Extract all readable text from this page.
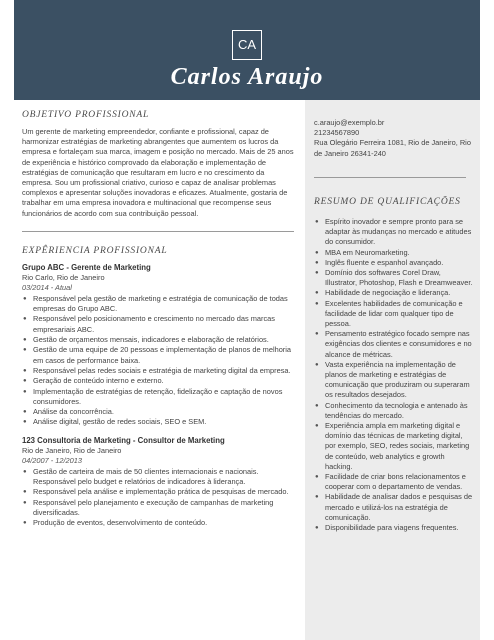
CA
Carlos Araujo
OBJETIVO PROFISSIONAL

Um gerente de marketing empreendedor, confiante e profissional, capaz de harmonizar estratégias de marketing abrangentes que aumentem os lucros da empresa e fortaleçam sua marca, imagem e posição no mercado. Mais de 25 anos de experiência e histórico comprovado da elaboração e implementação de estratégias de comunicação que resultaram em lucro e no crescimento da empresa. Sou um profissional criativo, curioso e capaz de analisar problemas complexos e apresentar soluções inovadoras e eficazes. Atualmente, gostaria de trabalhar em uma empresa inovadora e multinacional que recompense seus funcionários de acordo com sua contribuição pessoal.

EXPÊRIENCIA PROFISSIONAL
Grupo ABC - Gerente de Marketing
Rio Carlo, Rio de Janeiro
03/2014 - Atual
● Responsável pela gestão de marketing e estratégia de comunicação de todas empresas do Grupo ABC.
● Responsável pelo posicionamento e crescimento no mercado das marcas empresariais ABC.
● Gestão de orçamentos mensais, indicadores e elaboração de relatórios.
● Gestão de uma equipe de 20 pessoas e implementação de planos de melhoria em casos de performance baixa.
● Responsável pelas redes sociais e estratégia de marketing digital da empresa.
● Geração de conteúdo interno e externo.
● Implementação de estratégias de retenção, fidelização e captação de novos consumidores.
● Análise da concorrência.
● Análise digital, gestão de redes sociais, SEO e SEM.
123 Consultoria de Marketing - Consultor de Marketing
Rio de Janeiro, Rio de Janeiro
04/2007 - 12/2013
● Gestão de carteira de mais de 50 clientes internacionais e nacionais. Responsável pelo budget e relatórios de indicadores à liderança.
● Responsável pela análise e implementação prática de pesquisas de mercado.
● Responsável pelo planejamento e execução de campanhas de marketing diversificadas.
● Produção de eventos, desenvolvimento de conteúdo.
c.araujo@exemplo.br
21234567890
Rua Olegário Ferreira 1081, Rio de Janeiro, Rio de Janeiro 26341-240
RESUMO DE QUALIFICAÇÕES
● Espírito inovador e sempre pronto para se adaptar às mudanças no mercado e atitudes do consumidor.
● MBA em Neuromarketing.
● Inglês fluente e espanhol avançado.
● Domínio dos softwares Corel Draw, Illustrator, Photoshop, Flash e Dreamweaver.
● Habilidade de negociação e liderança.
● Excelentes habilidades de comunicação e facilidade de lidar com qualquer tipo de pessoa.
● Pensamento estratégico focado sempre nas exigências dos clientes e consumidores e no alcance de métricas.
● Vasta experiência na implementação de planos de marketing e estratégias de comunicação que produziram ou superaram os resultados desejados.
● Conhecimento da tecnologia e antenado às tendências do mercado.
● Experiência ampla em marketing digital e domínio das técnicas de marketing digital, por exemplo, SEO, redes sociais, marketing de conteúdo, web analytics e growth hacking.
● Facilidade de criar bons relacionamentos e cooperar com o departamento de vendas.
● Habilidade de analisar dados e pesquisas de mercado e utilizá-los na estratégia de comunicação.
● Disponibilidade para viagens frequentes.
